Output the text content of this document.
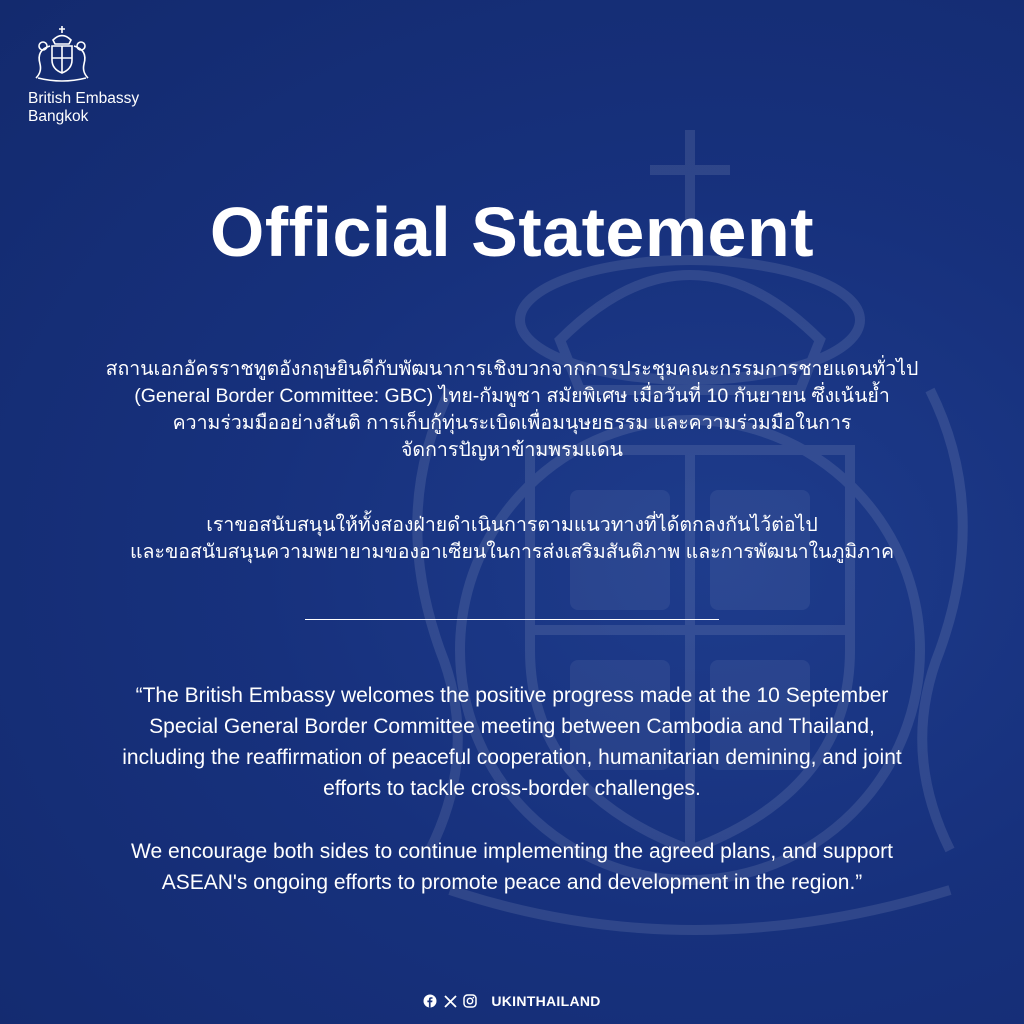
British Embassy
Bangkok
Official Statement
สถานเอกอัครราชทูตอังกฤษยินดีกับพัฒนาการเชิงบวกจากการประชุมคณะกรรมการชายแดนทั่วไป
(General Border Committee: GBC) ไทย-กัมพูชา สมัยพิเศษ เมื่อวันที่ 10 กันยายน ซึ่งเน้นย้ำ
ความร่วมมืออย่างสันติ การเก็บกู้ทุ่นระเบิดเพื่อมนุษยธรรม และความร่วมมือในการ
จัดการปัญหาข้ามพรมแดน
เราขอสนับสนุนให้ทั้งสองฝ่ายดำเนินการตามแนวทางที่ได้ตกลงกันไว้ต่อไป
และขอสนับสนุนความพยายามของอาเซียนในการส่งเสริมสันติภาพ และการพัฒนาในภูมิภาค
“The British Embassy welcomes the positive progress made at the 10 September
Special General Border Committee meeting between Cambodia and Thailand,
including the reaffirmation of peaceful cooperation, humanitarian demining, and joint
efforts to tackle cross-border challenges.
We encourage both sides to continue implementing the agreed plans, and support
ASEAN's ongoing efforts to promote peace and development in the region.”
UKINTHAILAND
